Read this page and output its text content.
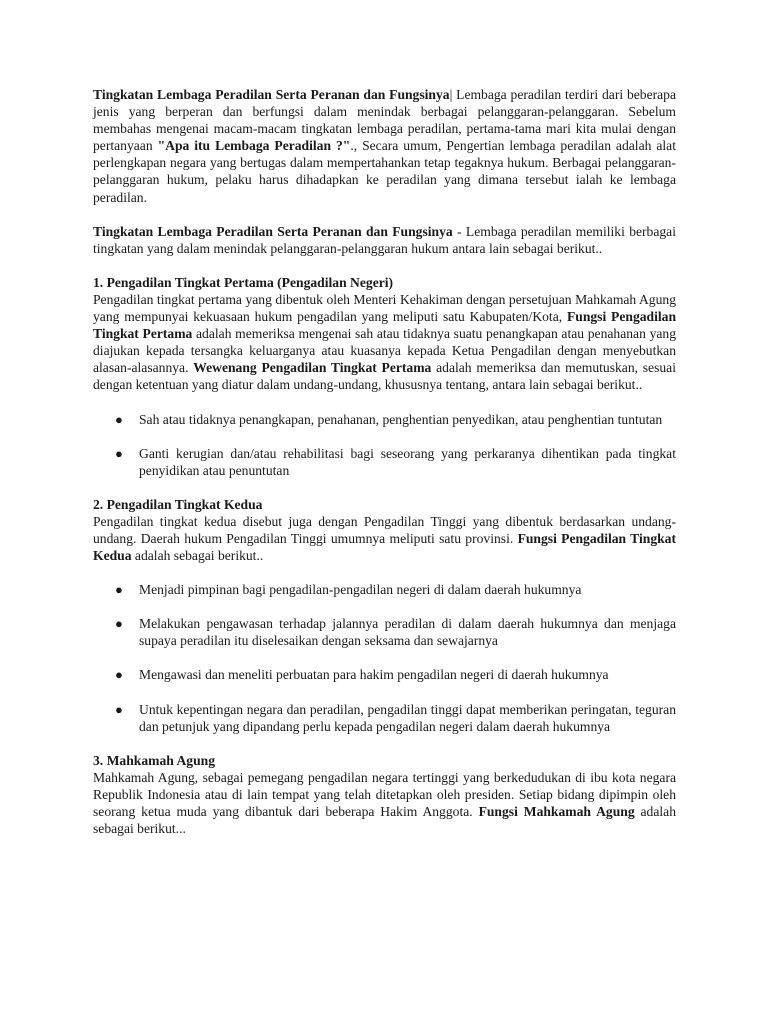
Tingkatan Lembaga Peradilan Serta Peranan dan Fungsinya| Lembaga peradilan terdiri dari beberapa jenis yang berperan dan berfungsi dalam menindak berbagai pelanggaran-pelanggaran. Sebelum membahas mengenai macam-macam tingkatan lembaga peradilan, pertama-tama mari kita mulai dengan pertanyaan "Apa itu Lembaga Peradilan ?"., Secara umum, Pengertian lembaga peradilan adalah alat perlengkapan negara yang bertugas dalam mempertahankan tetap tegaknya hukum. Berbagai pelanggaran-pelanggaran hukum, pelaku harus dihadapkan ke peradilan yang dimana tersebut ialah ke lembaga peradilan.

Tingkatan Lembaga Peradilan Serta Peranan dan Fungsinya - Lembaga peradilan memiliki berbagai tingkatan yang dalam menindak pelanggaran-pelanggaran hukum antara lain sebagai berikut..

1. Pengadilan Tingkat Pertama (Pengadilan Negeri)

Pengadilan tingkat pertama yang dibentuk oleh Menteri Kehakiman dengan persetujuan Mahkamah Agung yang mempunyai kekuasaan hukum pengadilan yang meliputi satu Kabupaten/Kota, Fungsi Pengadilan Tingkat Pertama adalah memeriksa mengenai sah atau tidaknya suatu penangkapan atau penahanan yang diajukan kepada tersangka keluarganya atau kuasanya kepada Ketua Pengadilan dengan menyebutkan alasan-alasannya. Wewenang Pengadilan Tingkat Pertama adalah memeriksa dan memutuskan, sesuai dengan ketentuan yang diatur dalam undang-undang, khususnya tentang, antara lain sebagai berikut..

● Sah atau tidaknya penangkapan, penahanan, penghentian penyedikan, atau penghentian tuntutan
● Ganti kerugian dan/atau rehabilitasi bagi seseorang yang perkaranya dihentikan pada tingkat penyidikan atau penuntutan

2. Pengadilan Tingkat Kedua

Pengadilan tingkat kedua disebut juga dengan Pengadilan Tinggi yang dibentuk berdasarkan undang-undang. Daerah hukum Pengadilan Tinggi umumnya meliputi satu provinsi. Fungsi Pengadilan Tingkat Kedua adalah sebagai berikut..

● Menjadi pimpinan bagi pengadilan-pengadilan negeri di dalam daerah hukumnya
● Melakukan pengawasan terhadap jalannya peradilan di dalam daerah hukumnya dan menjaga supaya peradilan itu diselesaikan dengan seksama dan sewajarnya
● Mengawasi dan meneliti perbuatan para hakim pengadilan negeri di daerah hukumnya
● Untuk kepentingan negara dan peradilan, pengadilan tinggi dapat memberikan peringatan, teguran dan petunjuk yang dipandang perlu kepada pengadilan negeri dalam daerah hukumnya

3. Mahkamah Agung

Mahkamah Agung, sebagai pemegang pengadilan negara tertinggi yang berkedudukan di ibu kota negara Republik Indonesia atau di lain tempat yang telah ditetapkan oleh presiden. Setiap bidang dipimpin oleh seorang ketua muda yang dibantuk dari beberapa Hakim Anggota. Fungsi Mahkamah Agung adalah sebagai berikut...
